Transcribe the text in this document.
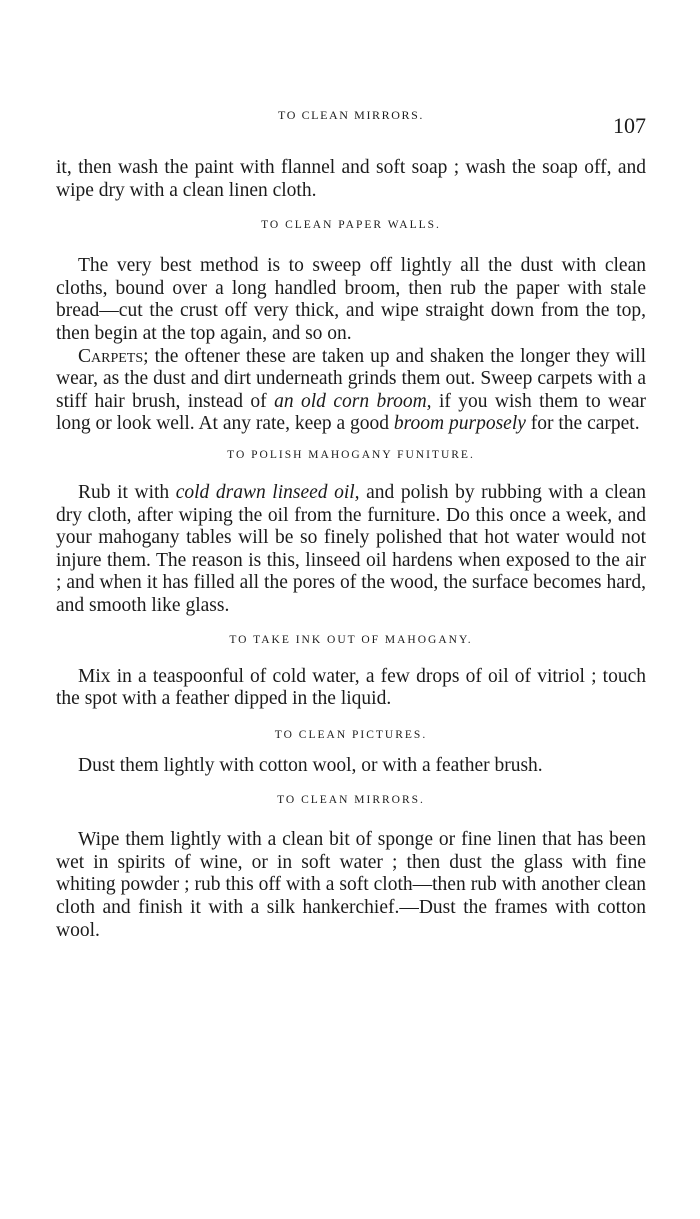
TO CLEAN MIRRORS.	107

it, then wash the paint with flannel and soft soap ; wash the soap off, and wipe dry with a clean linen cloth.

TO CLEAN PAPER WALLS.

The very best method is to sweep off lightly all the dust with clean cloths, bound over a long handled broom, then rub the paper with stale bread—cut the crust off very thick, and wipe straight down from the top, then begin at the top again, and so on.

Carpets; the oftener these are taken up and shaken the longer they will wear, as the dust and dirt underneath grinds them out. Sweep carpets with a stiff hair brush, instead of an old corn broom, if you wish them to wear long or look well. At any rate, keep a good broom purposely for the carpet.

TO POLISH MAHOGANY FUNITURE.

Rub it with cold drawn linseed oil, and polish by rubbing with a clean dry cloth, after wiping the oil from the furniture. Do this once a week, and your mahogany tables will be so finely polished that hot water would not injure them. The reason is this, linseed oil hardens when exposed to the air ; and when it has filled all the pores of the wood, the surface becomes hard, and smooth like glass.

TO TAKE INK OUT OF MAHOGANY.

Mix in a teaspoonful of cold water, a few drops of oil of vitriol ; touch the spot with a feather dipped in the liquid.

TO CLEAN PICTURES.

Dust them lightly with cotton wool, or with a feather brush.

TO CLEAN MIRRORS.

Wipe them lightly with a clean bit of sponge or fine linen that has been wet in spirits of wine, or in soft water ; then dust the glass with fine whiting powder ; rub this off with a soft cloth—then rub with another clean cloth and finish it with a silk hankerchief.—Dust the frames with cotton wool.
